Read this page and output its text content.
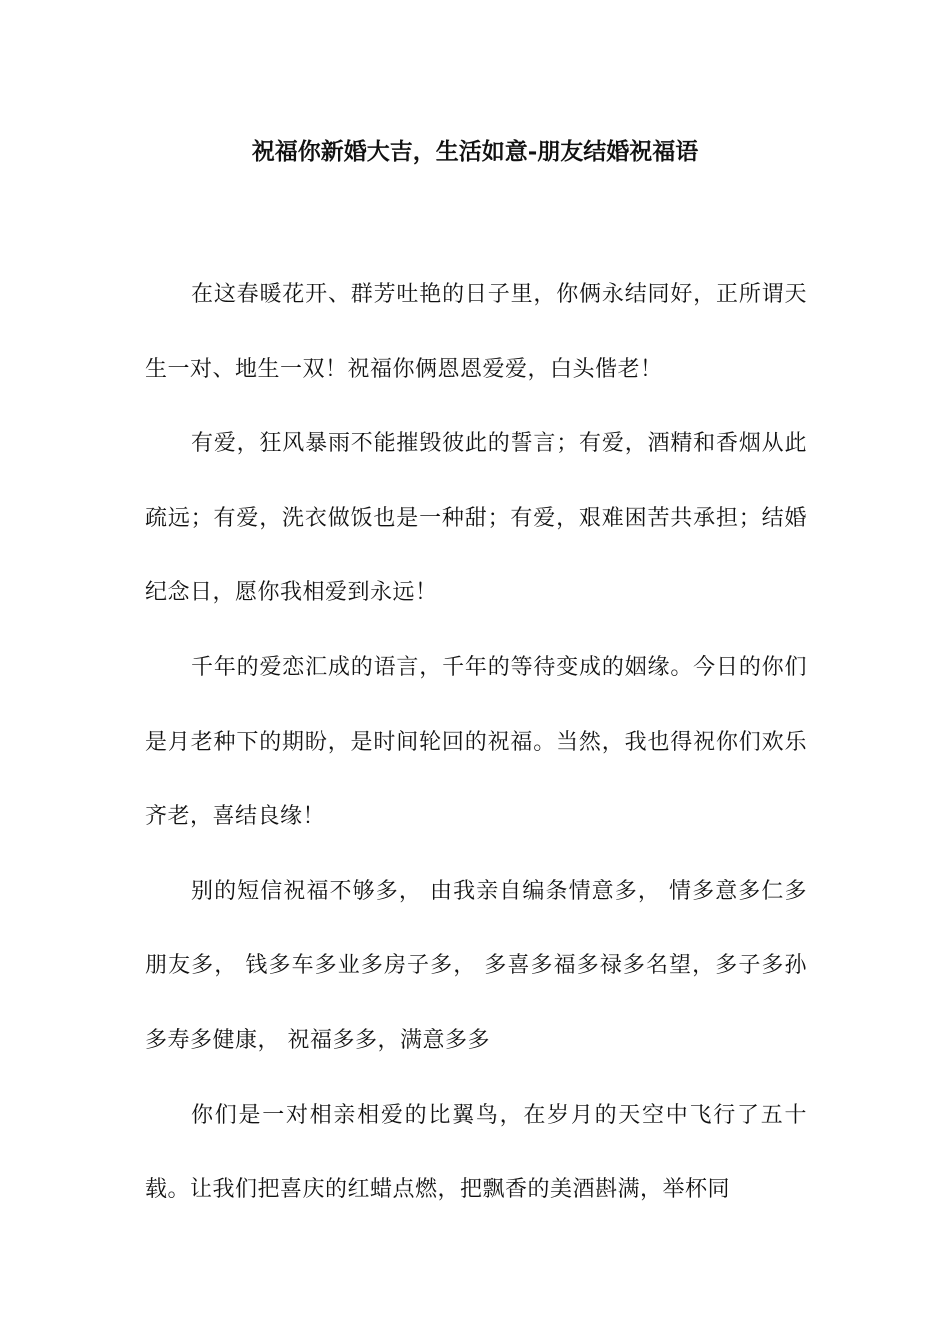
祝福你新婚大吉，生活如意-朋友结婚祝福语

在这春暖花开、群芳吐艳的日子里，你俩永结同好，正所谓天生一对、地生一双！祝福你俩恩恩爱爱，白头偕老！

有爱，狂风暴雨不能摧毁彼此的誓言；有爱，酒精和香烟从此疏远；有爱，洗衣做饭也是一种甜；有爱，艰难困苦共承担；结婚纪念日，愿你我相爱到永远！

千年的爱恋汇成的语言，千年的等待变成的姻缘。今日的你们是月老种下的期盼，是时间轮回的祝福。当然，我也得祝你们欢乐齐老，喜结良缘！

别的短信祝福不够多， 由我亲自编条情意多， 情多意多仁多朋友多， 钱多车多业多房子多， 多喜多福多禄多名望，多子多孙多寿多健康， 祝福多多，满意多多

你们是一对相亲相爱的比翼鸟，在岁月的天空中飞行了五十载。让我们把喜庆的红蜡点燃，把飘香的美酒斟满，举杯同
